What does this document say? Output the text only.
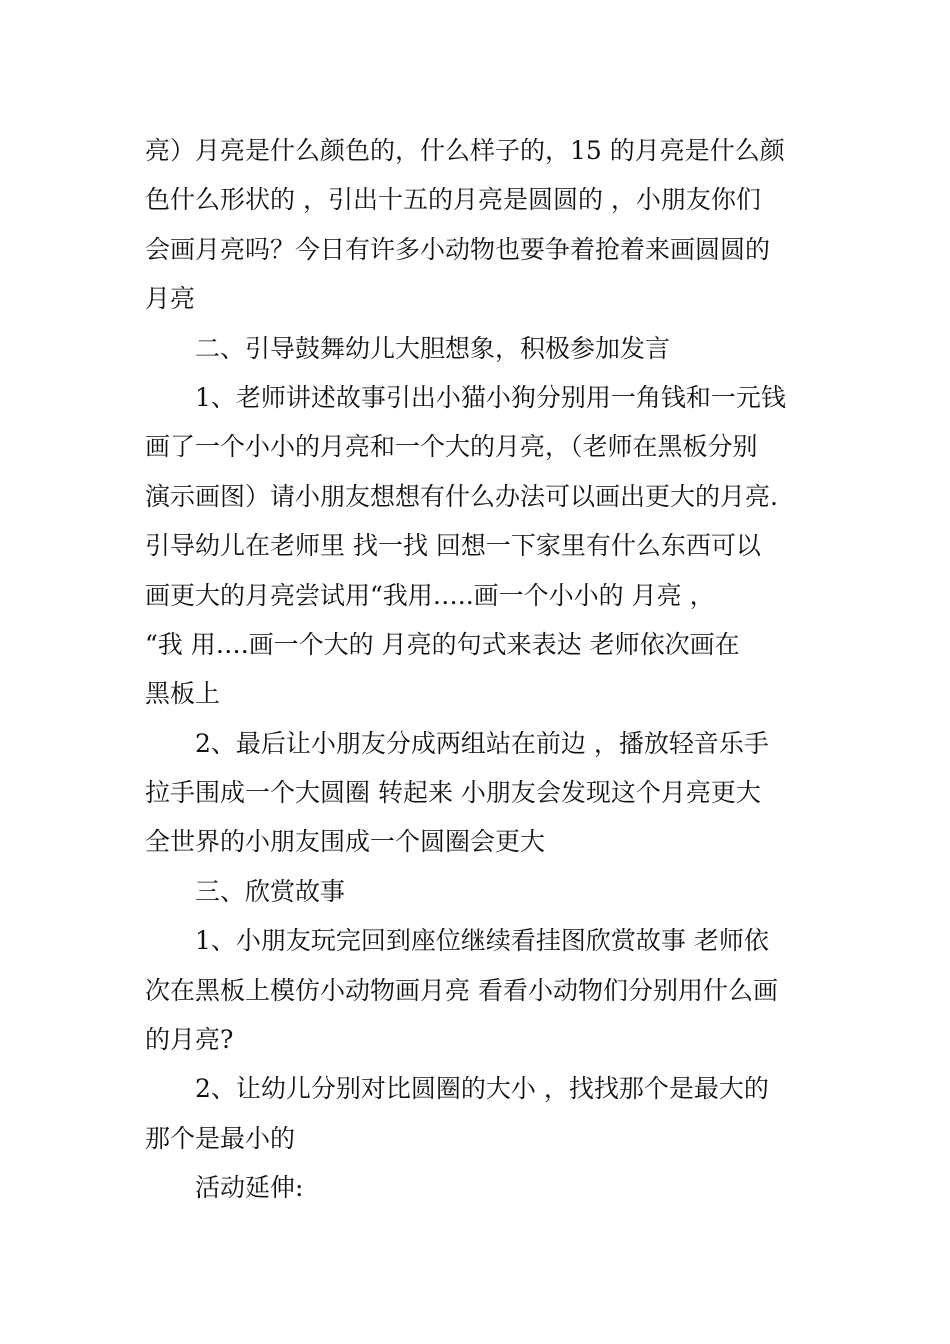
亮）月亮是什么颜色的，什么样子的，15 的月亮是什么颜
色什么形状的 ，引出十五的月亮是圆圆的 ，小朋友你们
会画月亮吗？今日有许多小动物也要争着抢着来画圆圆的
月亮
二、引导鼓舞幼儿大胆想象，积极参加发言
1、老师讲述故事引出小猫小狗分别用一角钱和一元钱
画了一个小小的月亮和一个大的月亮，（老师在黑板分别
演示画图）请小朋友想想有什么办法可以画出更大的月亮.
引导幼儿在老师里 找一找 回想一下家里有什么东西可以
画更大的月亮尝试用“我用…..画一个小小的 月亮 ，
“我 用….画一个大的 月亮的句式来表达 老师依次画在
黑板上
2、最后让小朋友分成两组站在前边 ，播放轻音乐手
拉手围成一个大圆圈 转起来 小朋友会发现这个月亮更大
全世界的小朋友围成一个圆圈会更大
三、欣赏故事
1、小朋友玩完回到座位继续看挂图欣赏故事 老师依
次在黑板上模仿小动物画月亮 看看小动物们分别用什么画
的月亮?
2、让幼儿分别对比圆圈的大小 ，找找那个是最大的
那个是最小的
活动延伸:
